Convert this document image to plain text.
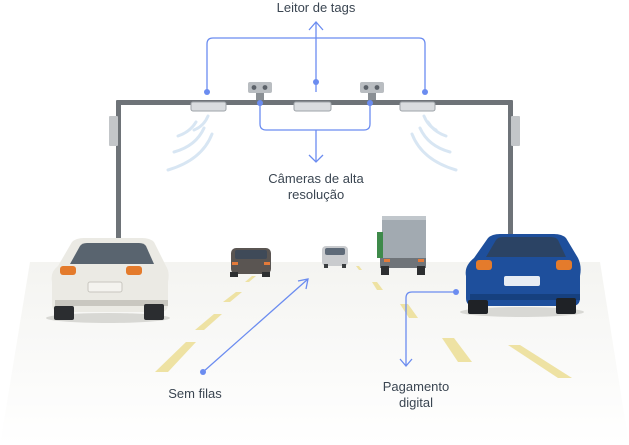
Leitor de tags
Câmeras de alta
resolução
Sem filas	Pagamento
digital
